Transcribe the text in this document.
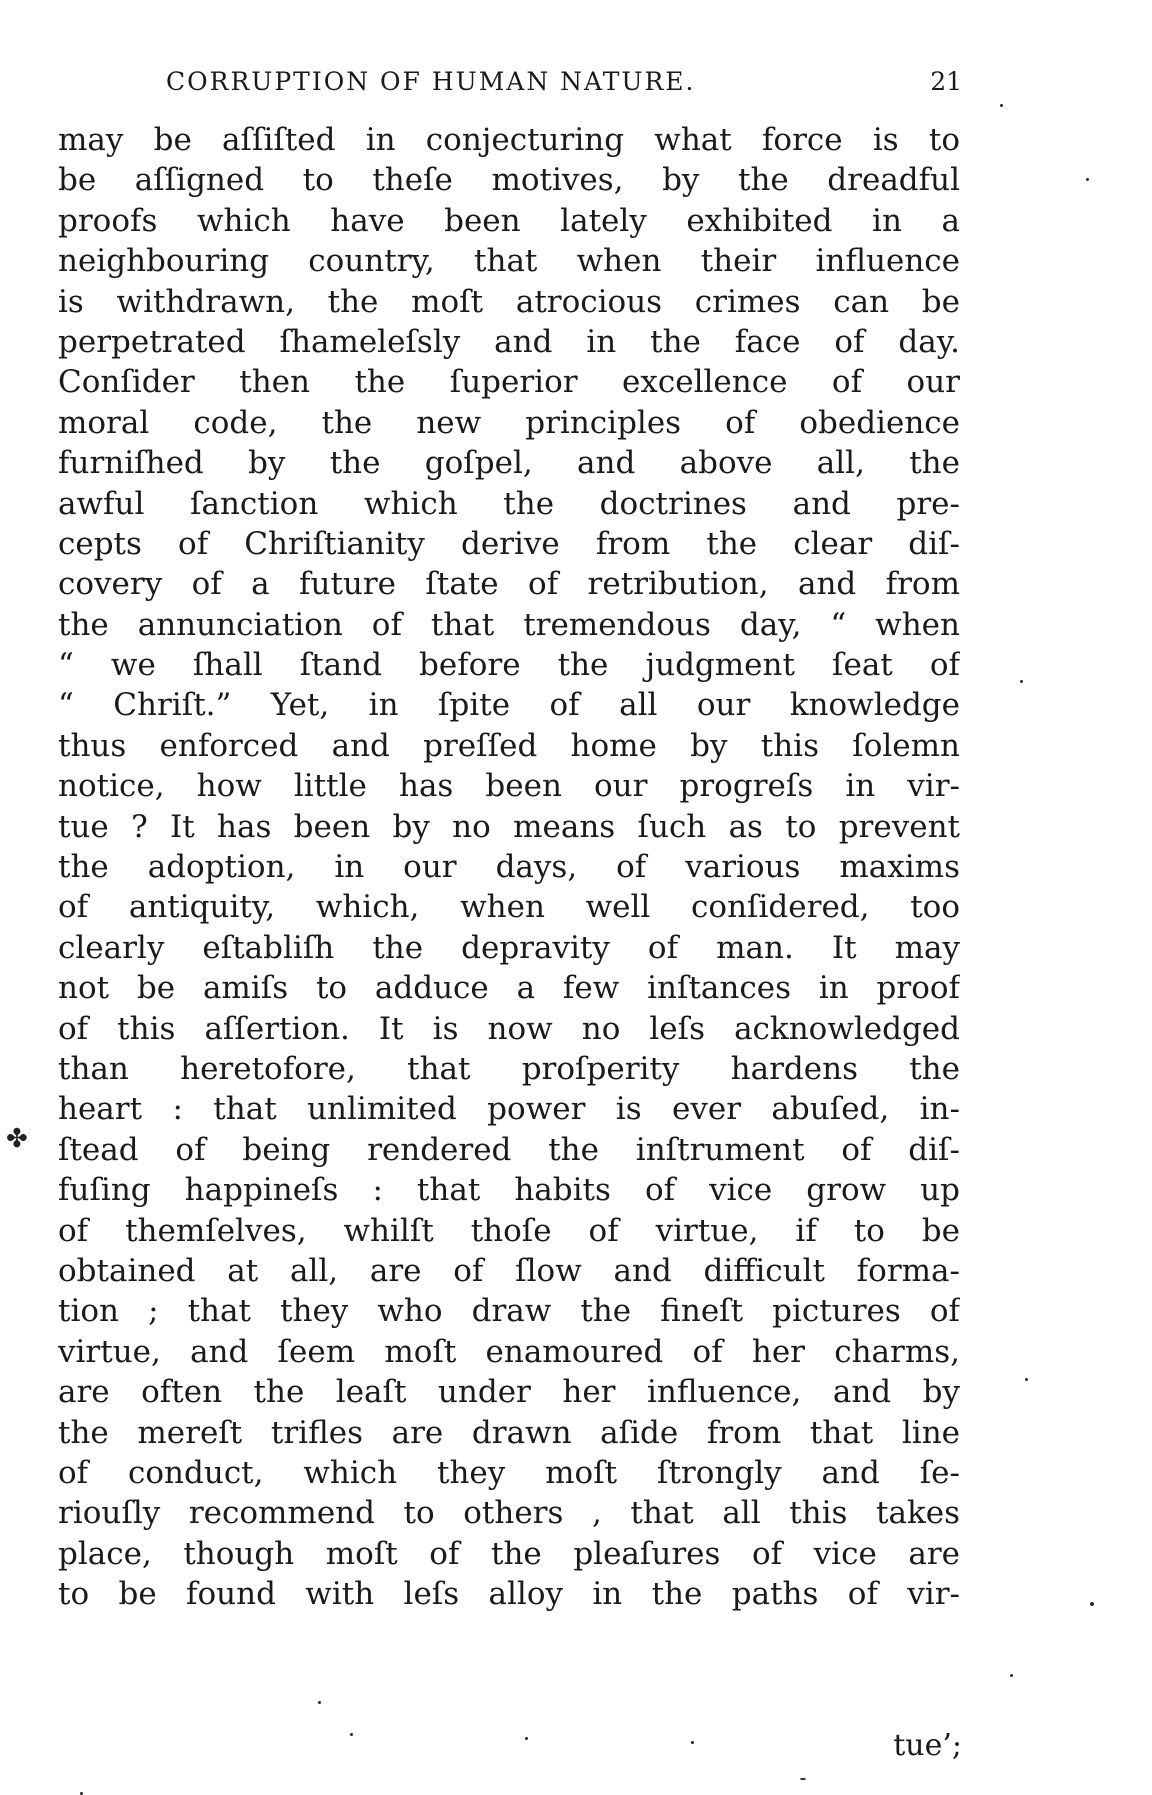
CORRUPTION OF HUMAN NATURE.	21
may be aſſiſted in conjecturing what force is to
be aſſigned to theſe motives, by the dreadful
proofs which have been lately exhibited in a
neighbouring country, that when their influence
is withdrawn, the moſt atrocious crimes can be
perpetrated ſhameleſsly and in the face of day.
Conſider then the ſuperior excellence of our
moral code, the new principles of obedience
furniſhed by the goſpel, and above all, the
awful ſanction which the doctrines and pre-
cepts of Chriſtianity derive from the clear diſ-
covery of a future ſtate of retribution, and from
the annunciation of that tremendous day, “ when
“ we ſhall ſtand before the judgment ſeat of
“ Chriſt.” Yet, in ſpite of all our knowledge
thus enforced and preſſed home by this ſolemn
notice, how little has been our progreſs in vir-
tue ? It has been by no means ſuch as to prevent
the adoption, in our days, of various maxims
of antiquity, which, when well conſidered, too
clearly eſtabliſh the depravity of man. It may
not be amiſs to adduce a few inſtances in proof
of this aſſertion. It is now no leſs acknowledged
than heretofore, that proſperity hardens the
heart : that unlimited power is ever abuſed, in-
ſtead of being rendered the inſtrument of diſ-
fuſing happineſs : that habits of vice grow up
of themſelves, whilſt thoſe of virtue, if to be
obtained at all, are of ſlow and difficult forma-
tion ; that they who draw the fineſt pictures of
virtue, and ſeem moſt enamoured of her charms,
are often the leaſt under her influence, and by
the mereſt trifles are drawn aſide from that line
of conduct, which they moſt ſtrongly and ſe-
riouſly recommend to others , that all this takes
place, though moſt of the pleaſures of vice are
to be found with leſs alloy in the paths of vir-
tue’;
✤
